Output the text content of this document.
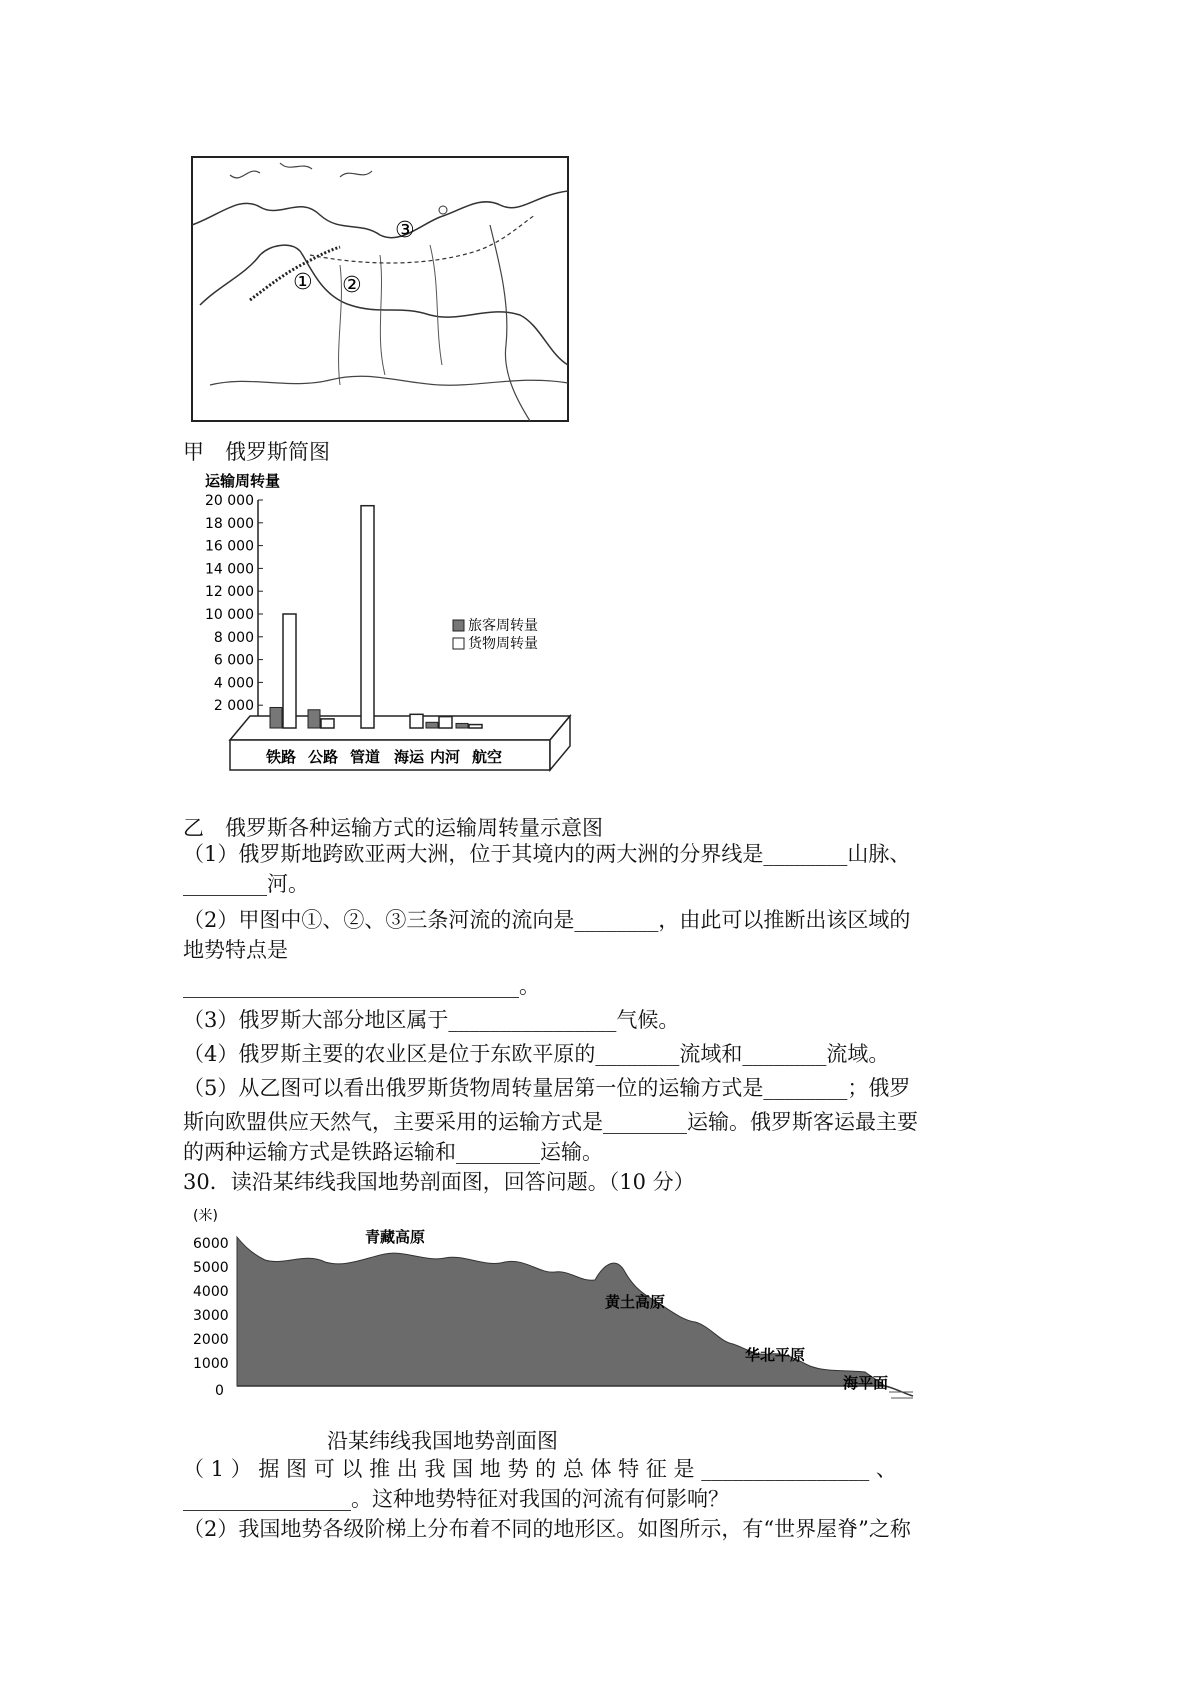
① ②
③
甲　俄罗斯简图
运输周转量
20 000
18 000
16 000
14 000
12 000
10 000
8 000
6 000
4 000
2 000
铁路 公路 管道 海运 内河 航空
旅客周转量
货物周转量
乙　俄罗斯各种运输方式的运输周转量示意图
（1）俄罗斯地跨欧亚两大洲，位于其境内的两大洲的分界线是________山脉、
________河。
（2）甲图中①、②、③三条河流的流向是________，由此可以推断出该区域的
地势特点是
________________________________。
（3）俄罗斯大部分地区属于________________气候。
（4）俄罗斯主要的农业区是位于东欧平原的________流域和________流域。
（5）从乙图可以看出俄罗斯货物周转量居第一位的运输方式是________；俄罗
斯向欧盟供应天然气，主要采用的运输方式是________运输。俄罗斯客运最主要
的两种运输方式是铁路运输和________运输。
30．读沿某纬线我国地势剖面图，回答问题。（10 分）
(米)
6000
5000
4000
3000
2000
1000
0
青藏高原
黄土高原
华北平原
海平面
沿某纬线我国地势剖面图
（ 1 ） 据 图 可 以 推 出 我 国 地 势 的 总 体 特 征 是 ________________ 、
________________。这种地势特征对我国的河流有何影响？
（2）我国地势各级阶梯上分布着不同的地形区。如图所示，有“世界屋脊”之称
